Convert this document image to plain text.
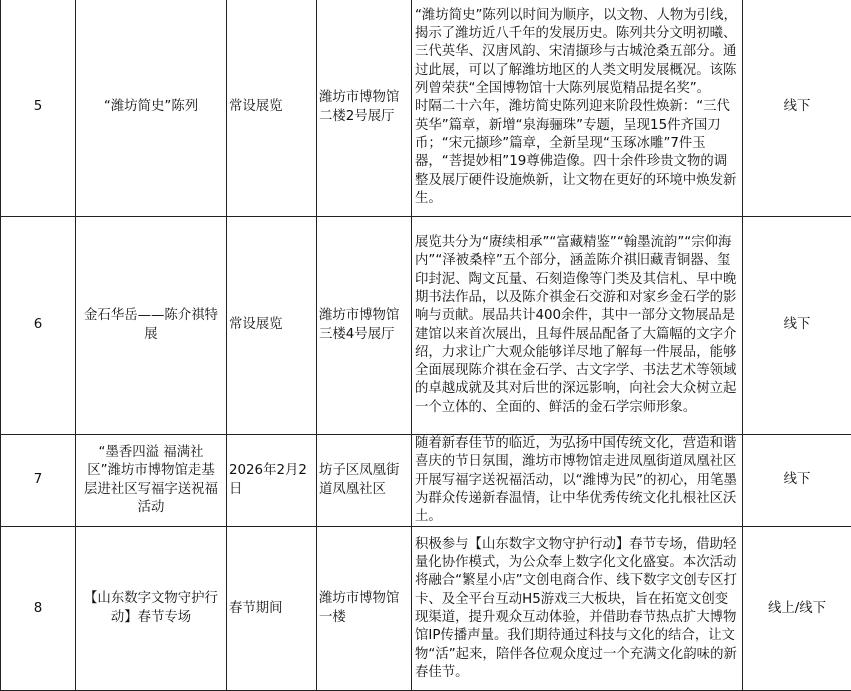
5	“潍坊简史”陈列	常设展览	潍坊市博物馆二楼2号展厅	“潍坊简史”陈列以时间为顺序，以文物、人物为引线，揭示了潍坊近八千年的发展历史。陈列共分文明初曦、三代英华、汉唐风韵、宋清撷珍与古城沧桑五部分。通过此展，可以了解潍坊地区的人类文明发展概况。该陈列曾荣获“全国博物馆十大陈列展览精品提名奖”。
时隔二十六年，潍坊简史陈列迎来阶段性焕新：“三代英华”篇章，新增“泉海骊珠”专题，呈现15件齐国刀币；“宋元撷珍”篇章，全新呈现“玉琢冰雕”7件玉器，“菩提妙相”19尊佛造像。四十余件珍贵文物的调整及展厅硬件设施焕新，让文物在更好的环境中焕发新生。	线下
6	金石华岳——陈介祺特展	常设展览	潍坊市博物馆三楼4号展厅	展览共分为“赓续相承”“富藏精鉴”“翰墨流韵”“宗仰海内”“泽被桑梓”五个部分，涵盖陈介祺旧藏青铜器、玺印封泥、陶文瓦量、石刻造像等门类及其信札、早中晚期书法作品，以及陈介祺金石交游和对家乡金石学的影响与贡献。展品共计400余件，其中一部分文物展品是建馆以来首次展出，且每件展品配备了大篇幅的文字介绍，力求让广大观众能够详尽地了解每一件展品，能够全面展现陈介祺在金石学、古文字学、书法艺术等领域的卓越成就及其对后世的深远影响，向社会大众树立起一个立体的、全面的、鲜活的金石学宗师形象。	线下
7	“墨香四溢 福满社区”潍坊市博物馆走基层进社区写福字送祝福活动	2026年2月2日	坊子区凤凰街道凤凰社区	随着新春佳节的临近，为弘扬中国传统文化，营造和谐喜庆的节日氛围，潍坊市博物馆走进凤凰街道凤凰社区开展写福字送祝福活动，以“潍博为民”的初心，用笔墨为群众传递新春温情，让中华优秀传统文化扎根社区沃土。	线下
8	【山东数字文物守护行动】春节专场	春节期间	潍坊市博物馆一楼	积极参与【山东数字文物守护行动】春节专场，借助轻量化协作模式，为公众奉上数字化文化盛宴。本次活动将融合“繁星小店”文创电商合作、线下数字文创专区打卡、及全平台互动H5游戏三大板块，旨在拓宽文创变现渠道，提升观众互动体验，并借助春节热点扩大博物馆IP传播声量。我们期待通过科技与文化的结合，让文物“活”起来，陪伴各位观众度过一个充满文化韵味的新春佳节。	线上/线下
